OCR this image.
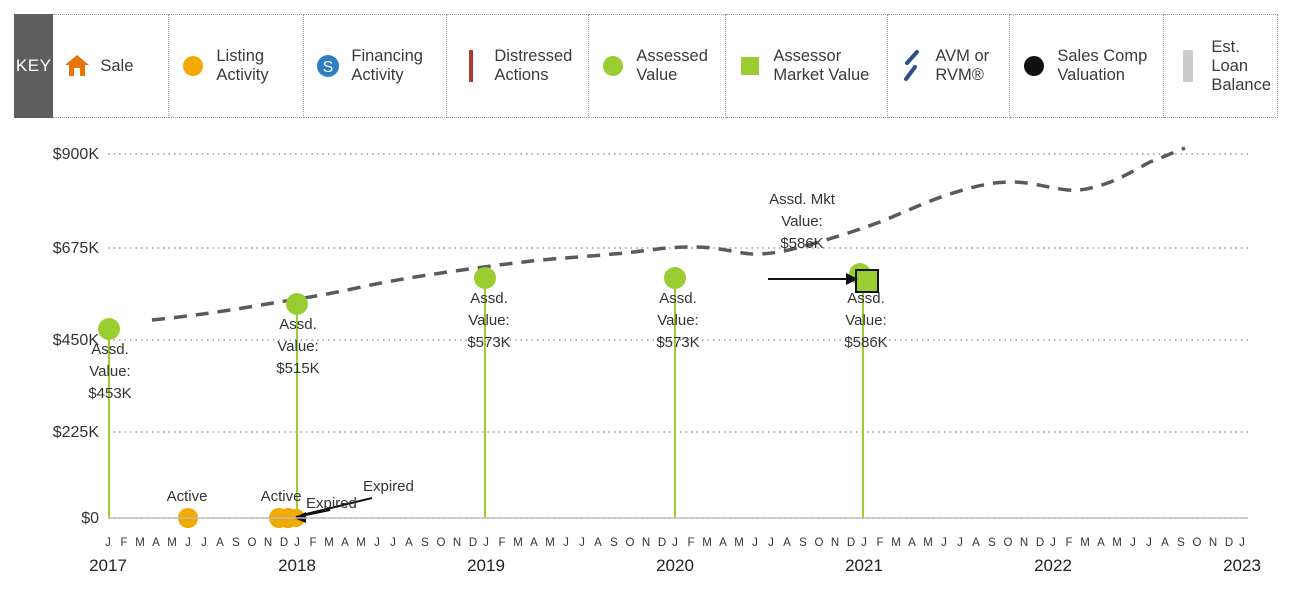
KEY	Sale
Listing Activity	S
Financing Activity
Distressed Actions
Assessed Value
Assessor Market Value
AVM or RVM®
Sales Comp Valuation
Est. Loan Balance
$900K
$675K
$450K
$225K
$0
Assd.
Value:
$453K
Assd.
Value:
$515K
Assd.
Value:
$573K
Assd.
Value:
$573K
Assd.
Value:
$586K
Assd. Mkt
Value:
$586K
Active	Active Expired
Expired
J F M A M J J A S O N D J F M A M J J A S O N D J F M A M J J A S O N D J F M A M J J A S O N D J F M A M J J A S O N D J F M A M J J A S O N D J
2017	2018	2019	2020	2021	2022	2023
